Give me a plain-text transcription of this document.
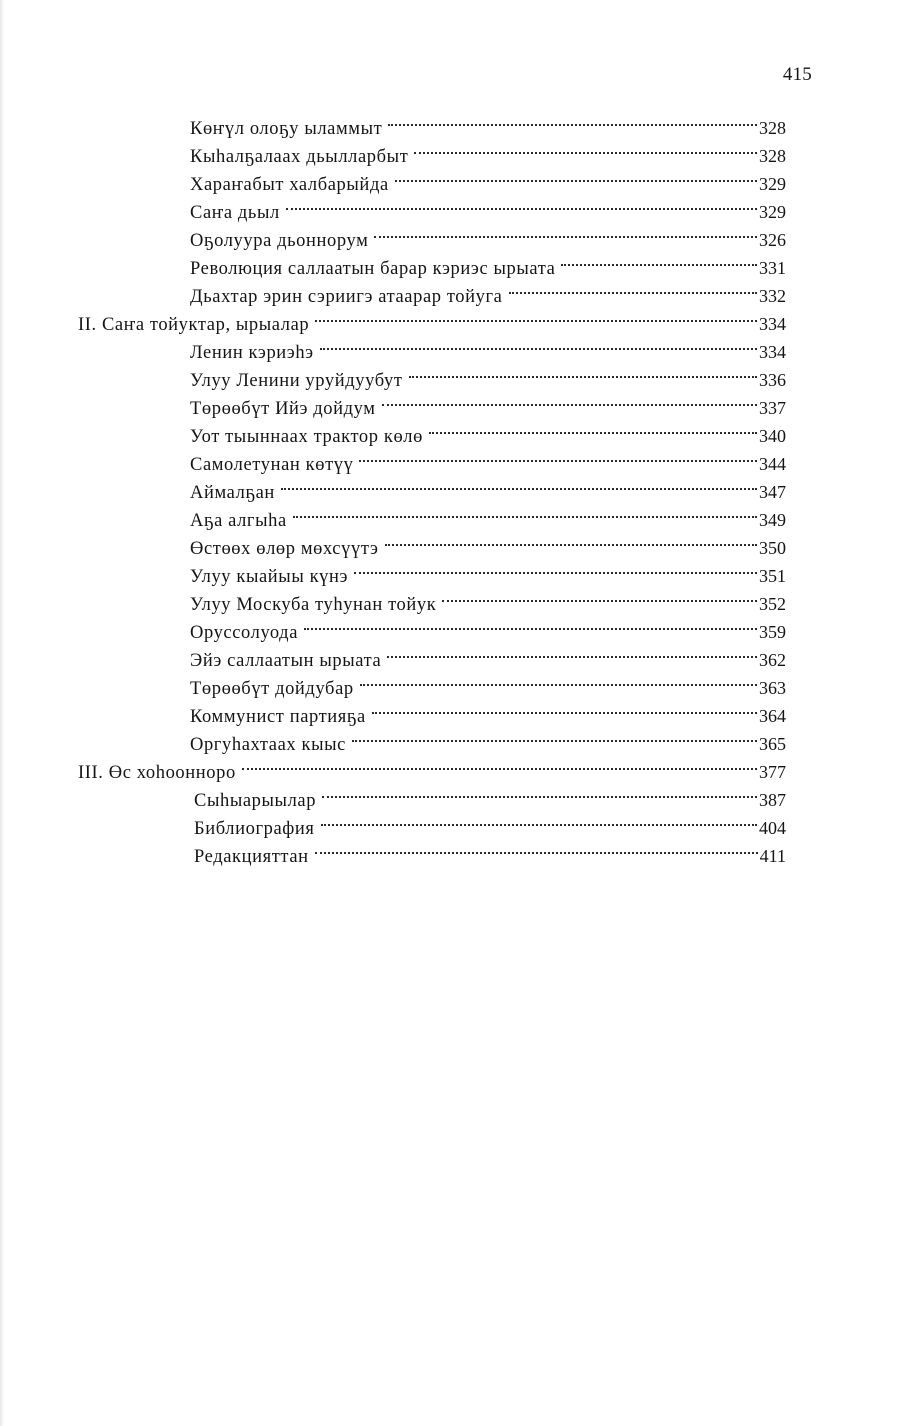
415
Көҥүл олоҕу ыламмыт	328
Кыһалҕалаах дьылларбыт	328
Хараҥабыт халбарыйда	329
Саҥа дьыл	329
Оҕолуура дьоннорум	326
Революция саллаатын барар кэриэс ырыата	331
Дьахтар эрин сэриигэ атаарар тойуга	332
II. Саҥа тойуктар, ырыалар	334
Ленин кэриэһэ	334
Улуу Ленини уруйдуубут	336
Төрөөбүт Ийэ дойдум	337
Уот тыыннаах трактор көлө	340
Самолетунан көтүү	344
Аймалҕан	347
Аҕа алгыһа	349
Өстөөх өлөр мөхсүүтэ	350
Улуу кыайыы күнэ	351
Улуу Москуба туһунан тойук	352
Оруссолуода	359
Эйэ саллаатын ырыата	362
Төрөөбүт дойдубар	363
Коммунист партияҕа	364
Оргуһахтаах кыыс	365
III. Өс хоһоонноро	377
Сыһыарыылар	387
Библиография	404
Редакцияттан	411
